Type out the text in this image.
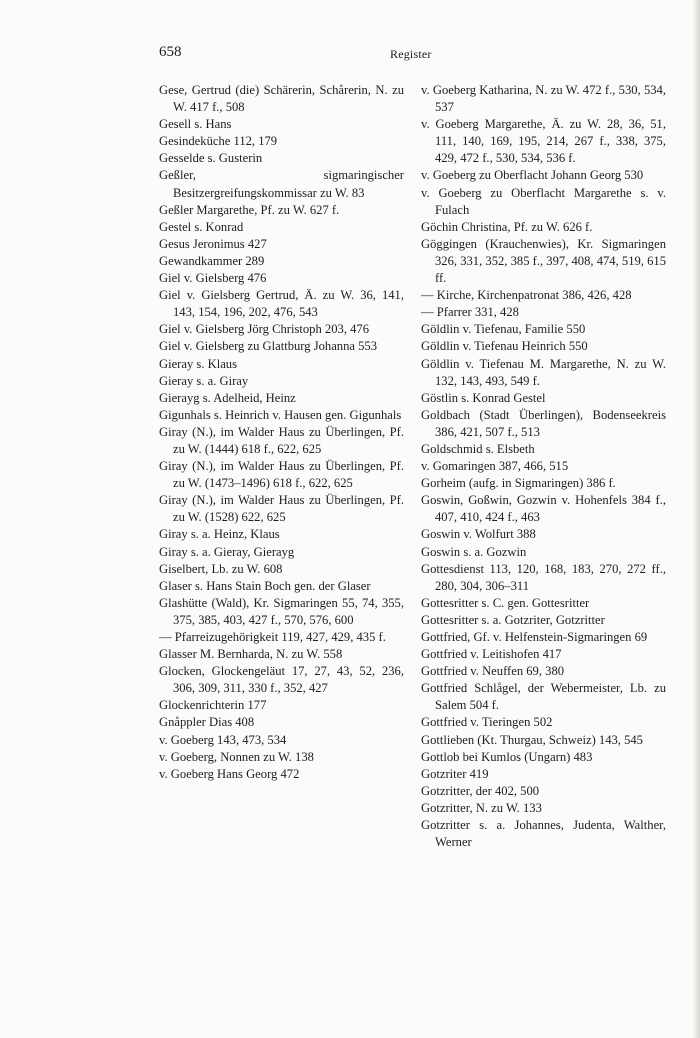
658	Register
Gese, Gertrud (die) Schärerin, Schårerin, N. zu W. 417 f., 508
Gesell s. Hans
Gesindeküche 112, 179
Gesselde s. Gusterin
Geßler, sigmaringischer Besitzergreifungskommissar zu W. 83
Geßler Margarethe, Pf. zu W. 627 f.
Gestel s. Konrad
Gesus Jeronimus 427
Gewandkammer 289
Giel v. Gielsberg 476
Giel v. Gielsberg Gertrud, Ä. zu W. 36, 141, 143, 154, 196, 202, 476, 543
Giel v. Gielsberg Jörg Christoph 203, 476
Giel v. Gielsberg zu Glattburg Johanna 553
Gieray s. Klaus
Gieray s. a. Giray
Gierayg s. Adelheid, Heinz
Gigunhals s. Heinrich v. Hausen gen. Gigunhals
Giray (N.), im Walder Haus zu Überlingen, Pf. zu W. (1444) 618 f., 622, 625
Giray (N.), im Walder Haus zu Überlingen, Pf. zu W. (1473–1496) 618 f., 622, 625
Giray (N.), im Walder Haus zu Überlingen, Pf. zu W. (1528) 622, 625
Giray s. a. Heinz, Klaus
Giray s. a. Gieray, Gierayg
Giselbert, Lb. zu W. 608
Glaser s. Hans Stain Boch gen. der Glaser
Glashütte (Wald), Kr. Sigmaringen 55, 74, 355, 375, 385, 403, 427 f., 570, 576, 600
— Pfarreizugehörigkeit 119, 427, 429, 435 f.
Glasser M. Bernharda, N. zu W. 558
Glocken, Glockengeläut 17, 27, 43, 52, 236, 306, 309, 311, 330 f., 352, 427
Glockenrichterin 177
Gnåppler Dias 408
v. Goeberg 143, 473, 534
v. Goeberg, Nonnen zu W. 138
v. Goeberg Hans Georg 472
v. Goeberg Katharina, N. zu W. 472 f., 530, 534, 537
v. Goeberg Margarethe, Ä. zu W. 28, 36, 51, 111, 140, 169, 195, 214, 267 f., 338, 375, 429, 472 f., 530, 534, 536 f.
v. Goeberg zu Oberflacht Johann Georg 530
v. Goeberg zu Oberflacht Margarethe s. v. Fulach
Göchin Christina, Pf. zu W. 626 f.
Göggingen (Krauchenwies), Kr. Sigmaringen 326, 331, 352, 385 f., 397, 408, 474, 519, 615 ff.
— Kirche, Kirchenpatronat 386, 426, 428
— Pfarrer 331, 428
Göldlin v. Tiefenau, Familie 550
Göldlin v. Tiefenau Heinrich 550
Göldlin v. Tiefenau M. Margarethe, N. zu W. 132, 143, 493, 549 f.
Göstlin s. Konrad Gestel
Goldbach (Stadt Überlingen), Bodenseekreis 386, 421, 507 f., 513
Goldschmid s. Elsbeth
v. Gomaringen 387, 466, 515
Gorheim (aufg. in Sigmaringen) 386 f.
Goswin, Goßwin, Gozwin v. Hohenfels 384 f., 407, 410, 424 f., 463
Goswin v. Wolfurt 388
Goswin s. a. Gozwin
Gottesdienst 113, 120, 168, 183, 270, 272 ff., 280, 304, 306–311
Gottesritter s. C. gen. Gottesritter
Gottesritter s. a. Gotzriter, Gotzritter
Gottfried, Gf. v. Helfenstein-Sigmaringen 69
Gottfried v. Leitishofen 417
Gottfried v. Neuffen 69, 380
Gottfried Schlågel, der Webermeister, Lb. zu Salem 504 f.
Gottfried v. Tieringen 502
Gottlieben (Kt. Thurgau, Schweiz) 143, 545
Gottlob bei Kumlos (Ungarn) 483
Gotzriter 419
Gotzritter, der 402, 500
Gotzritter, N. zu W. 133
Gotzritter s. a. Johannes, Judenta, Walther, Werner
